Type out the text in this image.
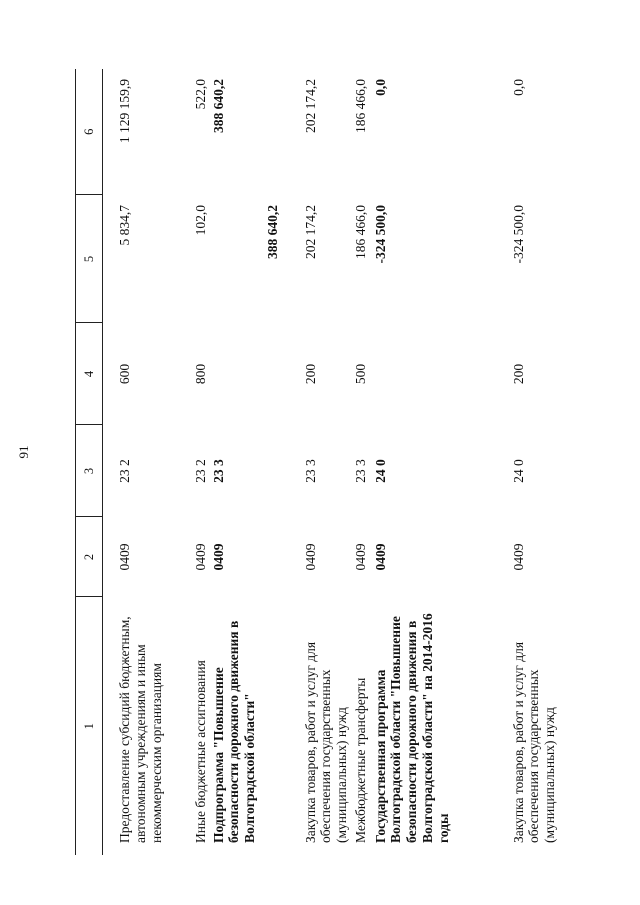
91
1	2	3	4	5	6
Предоставление субсидий бюджетным, автономным учреждениям и иным некоммерческим организациям	0409	23 2	600	5 834,7	1 129 159,9
Иные бюджетные ассигнования	0409	23 2	800	102,0	522,0
Подпрограмма "Повышение безопасности дорожного движения в Волгоградской области"	0409	23 3		388 640,2	388 640,2
Закупка товаров, работ и услуг для обеспечения государственных (муниципальных) нужд	0409	23 3	200	202 174,2	202 174,2
Межбюджетные трансферты	0409	23 3	500	186 466,0	186 466,0
Государственная программа Волгоградской области "Повышение безопасности дорожного движения в Волгоградской области" на 2014-2016 годы	0409	24 0		-324 500,0	0,0
Закупка товаров, работ и услуг для обеспечения государственных (муниципальных) нужд	0409	24 0	200	-324 500,0	0,0
